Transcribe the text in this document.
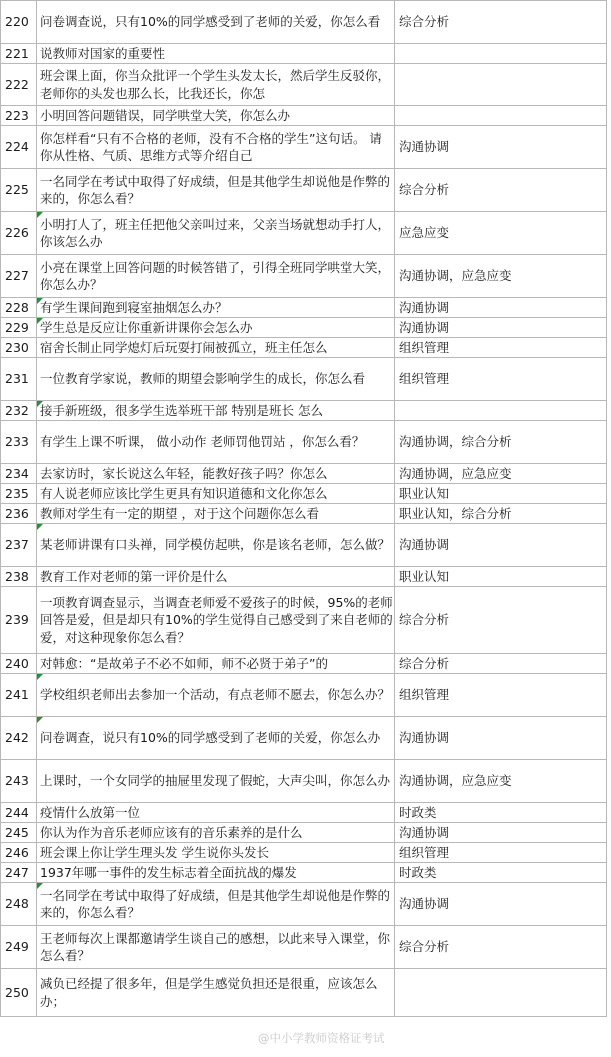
220	问卷调查说，只有10%的同学感受到了老师的关爱，你怎么看	综合分析
221	说教师对国家的重要性	
222	班会课上面，你当众批评一个学生头发太长，然后学生反驳你，老师你的头发也那么长，比我还长，你怎	
223	小明回答问题错误，同学哄堂大笑，你怎么办	
224	你怎样看“只有不合格的老师，没有不合格的学生”这句话。 请你从性格、气质、思维方式等介绍自己	沟通协调
225	一名同学在考试中取得了好成绩，但是其他学生却说他是作弊的来的，你怎么看？	综合分析
226	小明打人了，班主任把他父亲叫过来，父亲当场就想动手打人，你该怎么办	应急应变
227	小亮在课堂上回答问题的时候答错了，引得全班同学哄堂大笑，你怎么办？	沟通协调，应急应变
228	有学生课间跑到寝室抽烟怎么办？	沟通协调
229	学生总是反应让你重新讲课你会怎么办	沟通协调
230	宿舍长制止同学熄灯后玩耍打闹被孤立，班主任怎么	组织管理
231	一位教育学家说，教师的期望会影响学生的成长，你怎么看	组织管理
232	接手新班级，很多学生选举班干部 特别是班长 怎么	
233	有学生上课不听课， 做小动作 老师罚他罚站 ，你怎么看？	沟通协调，综合分析
234	去家访时，家长说这么年轻，能教好孩子吗？你怎么	沟通协调，应急应变
235	有人说老师应该比学生更具有知识道德和文化你怎么	职业认知
236	教师对学生有一定的期望 ，对于这个问题你怎么看	职业认知，综合分析
237	某老师讲课有口头禅，同学模仿起哄，你是该名老师，怎么做？	沟通协调
238	教育工作对老师的第一评价是什么	职业认知
239	一项教育调查显示，当调查老师爱不爱孩子的时候，95%的老师回答是爱，但是却只有10%的学生觉得自己感受到了来自老师的爱，对这种现象你怎么看？	综合分析
240	对韩愈：“是故弟子不必不如师，师不必贤于弟子”的	综合分析
241	学校组织老师出去参加一个活动，有点老师不愿去，你怎么办？	组织管理
242	问卷调查，说只有10%的同学感受到了老师的关爱，你怎么办	沟通协调
243	上课时，一个女同学的抽屉里发现了假蛇，大声尖叫，你怎么办	沟通协调，应急应变
244	疫情什么放第一位	时政类
245	你认为作为音乐老师应该有的音乐素养的是什么	沟通协调
246	班会课上你让学生理头发 学生说你头发长	组织管理
247	1937年哪一事件的发生标志着全面抗战的爆发	时政类
248	一名同学在考试中取得了好成绩，但是其他学生却说他是作弊的来的，你怎么看？	沟通协调
249	王老师每次上课都邀请学生谈自己的感想，以此来导入课堂，你怎么看？	综合分析
250	减负已经提了很多年，但是学生感觉负担还是很重，应该怎么办；	
@中小学教师资格证考试
